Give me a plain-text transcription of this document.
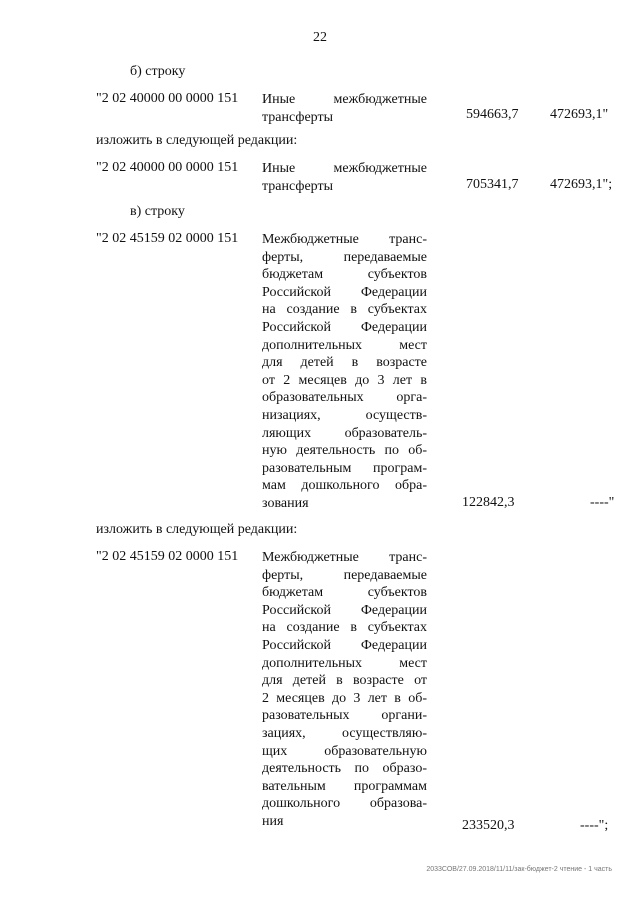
22
б) строку
"2 02 40000 00 0000 151 Иные межбюджетные
трансферты	594663,7 472693,1"
изложить в следующей редакции:
"2 02 40000 00 0000 151 Иные межбюджетные
трансферты	705341,7 472693,1";
в) строку
"2 02 45159 02 0000 151 Межбюджетные транс-
ферты, передаваемые
бюджетам субъектов
Российской Федерации
на создание в субъектах
Российской Федерации
дополнительных мест
для детей в возрасте
от 2 месяцев до 3 лет в
образовательных орга-
низациях, осуществ-
ляющих образователь-
ную деятельность по об-
разовательным програм-
мам дошкольного обра-
зования	122842,3	----"
изложить в следующей редакции:
"2 02 45159 02 0000 151 Межбюджетные транс-
ферты, передаваемые
бюджетам субъектов
Российской Федерации
на создание в субъектах
Российской Федерации
дополнительных мест
для детей в возрасте от
2 месяцев до 3 лет в об-
разовательных органи-
зациях, осуществляю-
щих образовательную
деятельность по образо-
вательным программам
дошкольного образова-
ния	233520,3	----";
2033СОВ/27.09.2018/11/11/зак-бюджет-2 чтение - 1 часть
